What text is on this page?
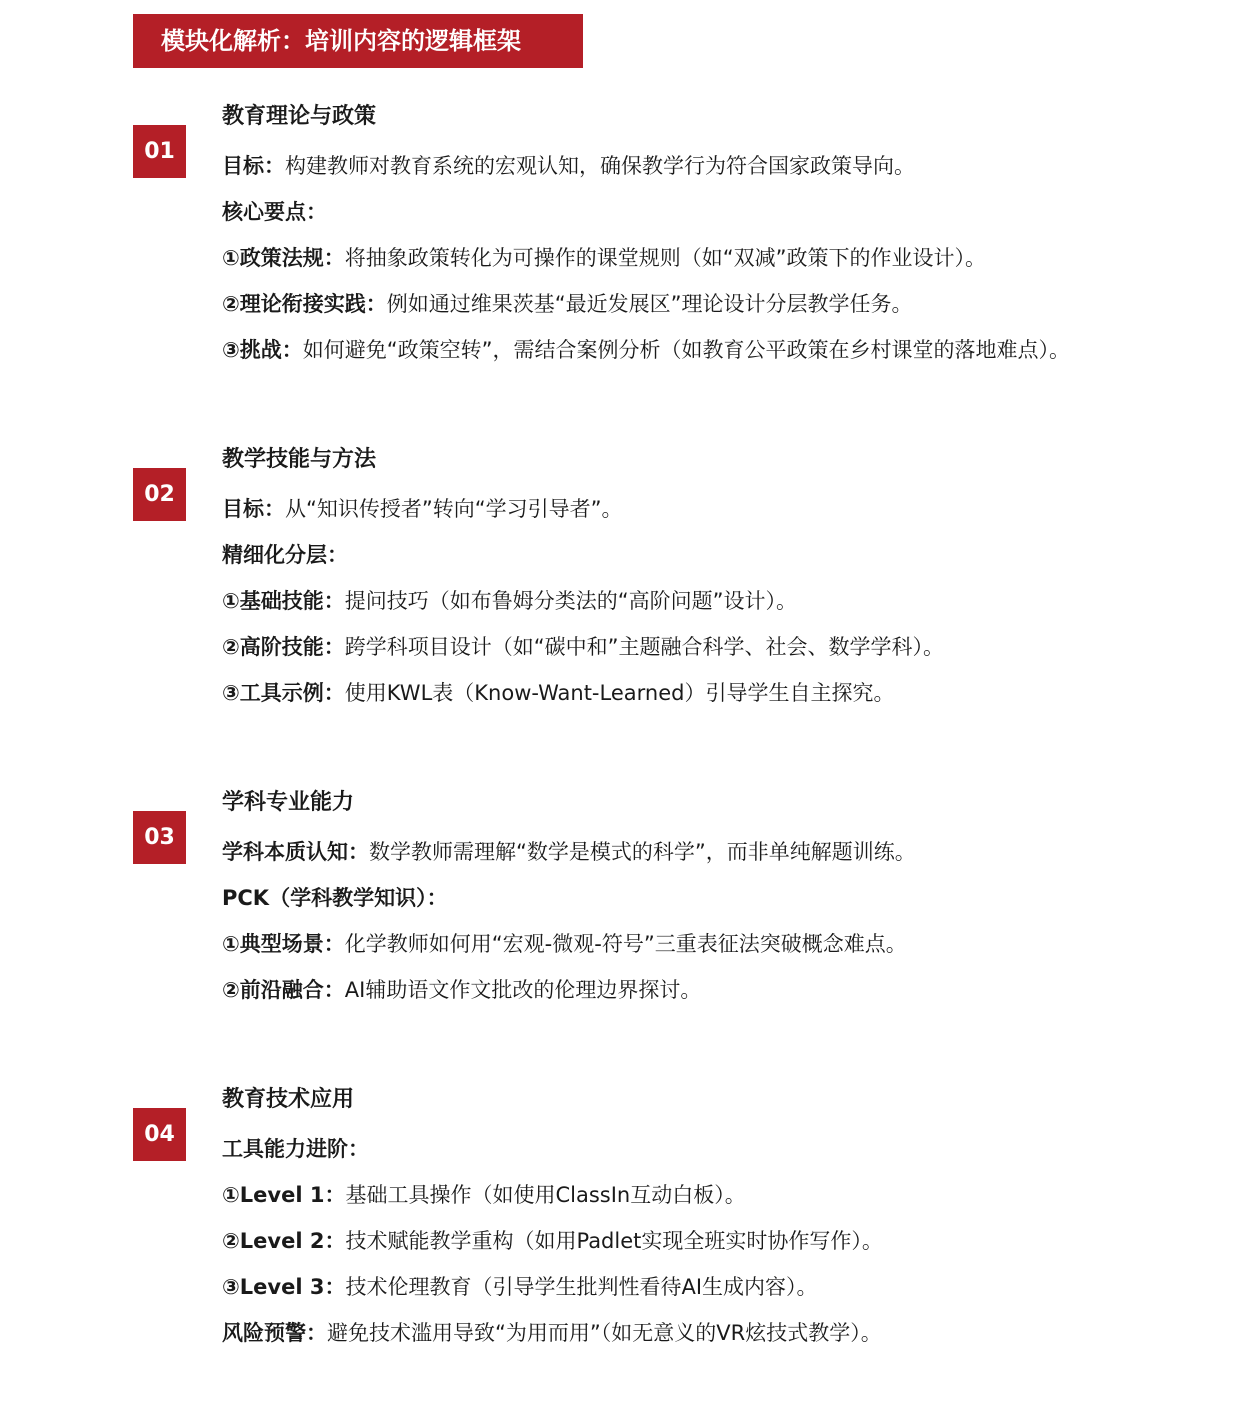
模块化解析：培训内容的逻辑框架
01
教育理论与政策
目标：构建教师对教育系统的宏观认知，确保教学行为符合国家政策导向。
核心要点：
①政策法规：将抽象政策转化为可操作的课堂规则（如“双减”政策下的作业设计）。
②理论衔接实践：例如通过维果茨基“最近发展区”理论设计分层教学任务。
③挑战：如何避免“政策空转”，需结合案例分析（如教育公平政策在乡村课堂的落地难点）。
02
教学技能与方法
目标：从“知识传授者”转向“学习引导者”。
精细化分层：
①基础技能：提问技巧（如布鲁姆分类法的“高阶问题”设计）。
②高阶技能：跨学科项目设计（如“碳中和”主题融合科学、社会、数学学科）。
③工具示例：使用KWL表（Know-Want-Learned）引导学生自主探究。
03
学科专业能力
学科本质认知：数学教师需理解“数学是模式的科学”，而非单纯解题训练。
PCK（学科教学知识）：
①典型场景：化学教师如何用“宏观-微观-符号”三重表征法突破概念难点。
②前沿融合：AI辅助语文作文批改的伦理边界探讨。
04
教育技术应用
工具能力进阶：
①Level 1：基础工具操作（如使用ClassIn互动白板）。
②Level 2：技术赋能教学重构（如用Padlet实现全班实时协作写作）。
③Level 3：技术伦理教育（引导学生批判性看待AI生成内容）。
风险预警：避免技术滥用导致“为用而用”（如无意义的VR炫技式教学）。
